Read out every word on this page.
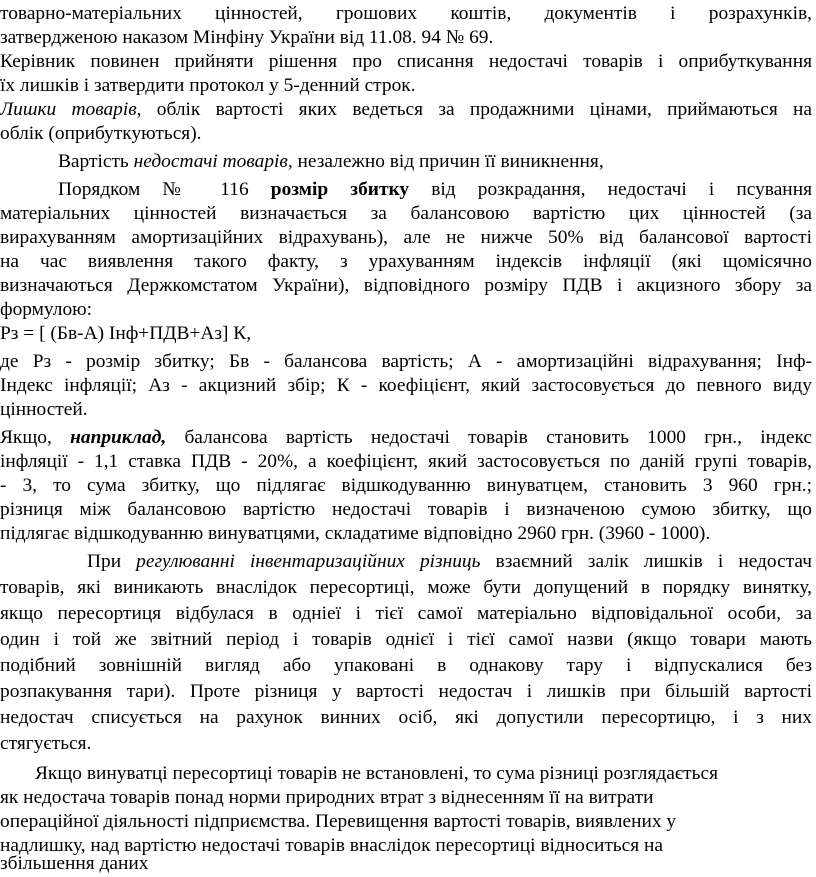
товарно-матеріальних цінностей, грошових коштів, документів і розрахунків,
затвердженою наказом Мінфіну України від 11.08. 94 № 69.
Керівник повинен прийняти рішення про списання недостачі товарів і оприбуткування
їх лишків і затвердити протокол у 5-денний строк.
Лишки товарів, облік вартості яких ведеться за продажними цінами, приймаються на
облік (оприбуткуються).
Вартість недостачі товарів, незалежно від причин її виникнення,
Порядком № 116 розмір збитку від розкрадання, недостачі і псування
матеріальних цінностей визначається за балансовою вартістю цих цінностей (за
вирахуванням амортизаційних відрахувань), але не нижче 50% від балансової вартості
на час виявлення такого факту, з урахуванням індексів інфляції (які щомісячно
визначаються Держкомстатом України), відповідного розміру ПДВ і акцизного збору за
формулою:
Рз = [ (Бв-А) Інф+ПДВ+Аз] К,
де Рз - розмір збитку; Бв - балансова вартість; А - амортизаційні відрахування; Інф-
Індекс інфляції; Аз - акцизний збір; К - коефіцієнт, який застосовується до певного виду
цінностей.
Якщо, наприклад, балансова вартість недостачі товарів становить 1000 грн., індекс
інфляції - 1,1 ставка ПДВ - 20%, а коефіцієнт, який застосовується по даній групі товарів,
- 3, то сума збитку, що підлягає відшкодуванню винуватцем, становить 3 960 грн.;
різниця між балансовою вартістю недостачі товарів і визначеною сумою збитку, що
підлягає відшкодуванню винуватцями, складатиме відповідно 2960 грн. (3960 - 1000).
При регулюванні інвентаризаційних різниць взаємний залік лишків і недостач
товарів, які виникають внаслідок пересортиці, може бути допущений в порядку винятку,
якщо пересортиця відбулася в одніеї і тієї самої матеріально відповідальної особи, за
один і той же звітний період і товарів однієї і тієї самої назви (якщо товари мають
подібний зовнішній вигляд або упаковані в однакову тару і відпускалися без
розпакування тари). Проте різниця у вартості недостач і лишків при більшій вартості
недостач списується на рахунок винних осіб, які допустили пересортицю, і з них
стягується.
Якщо винуватці пересортиці товарів не встановлені, то сума різниці розглядається
як недостача товарів понад норми природних втрат з віднесенням її на витрати
операційної діяльності підприємства. Перевищення вартості товарів, виявлених у
надлишку, над вартістю недостачі товарів внаслідок пересортиці відноситься на
збільшення даних
